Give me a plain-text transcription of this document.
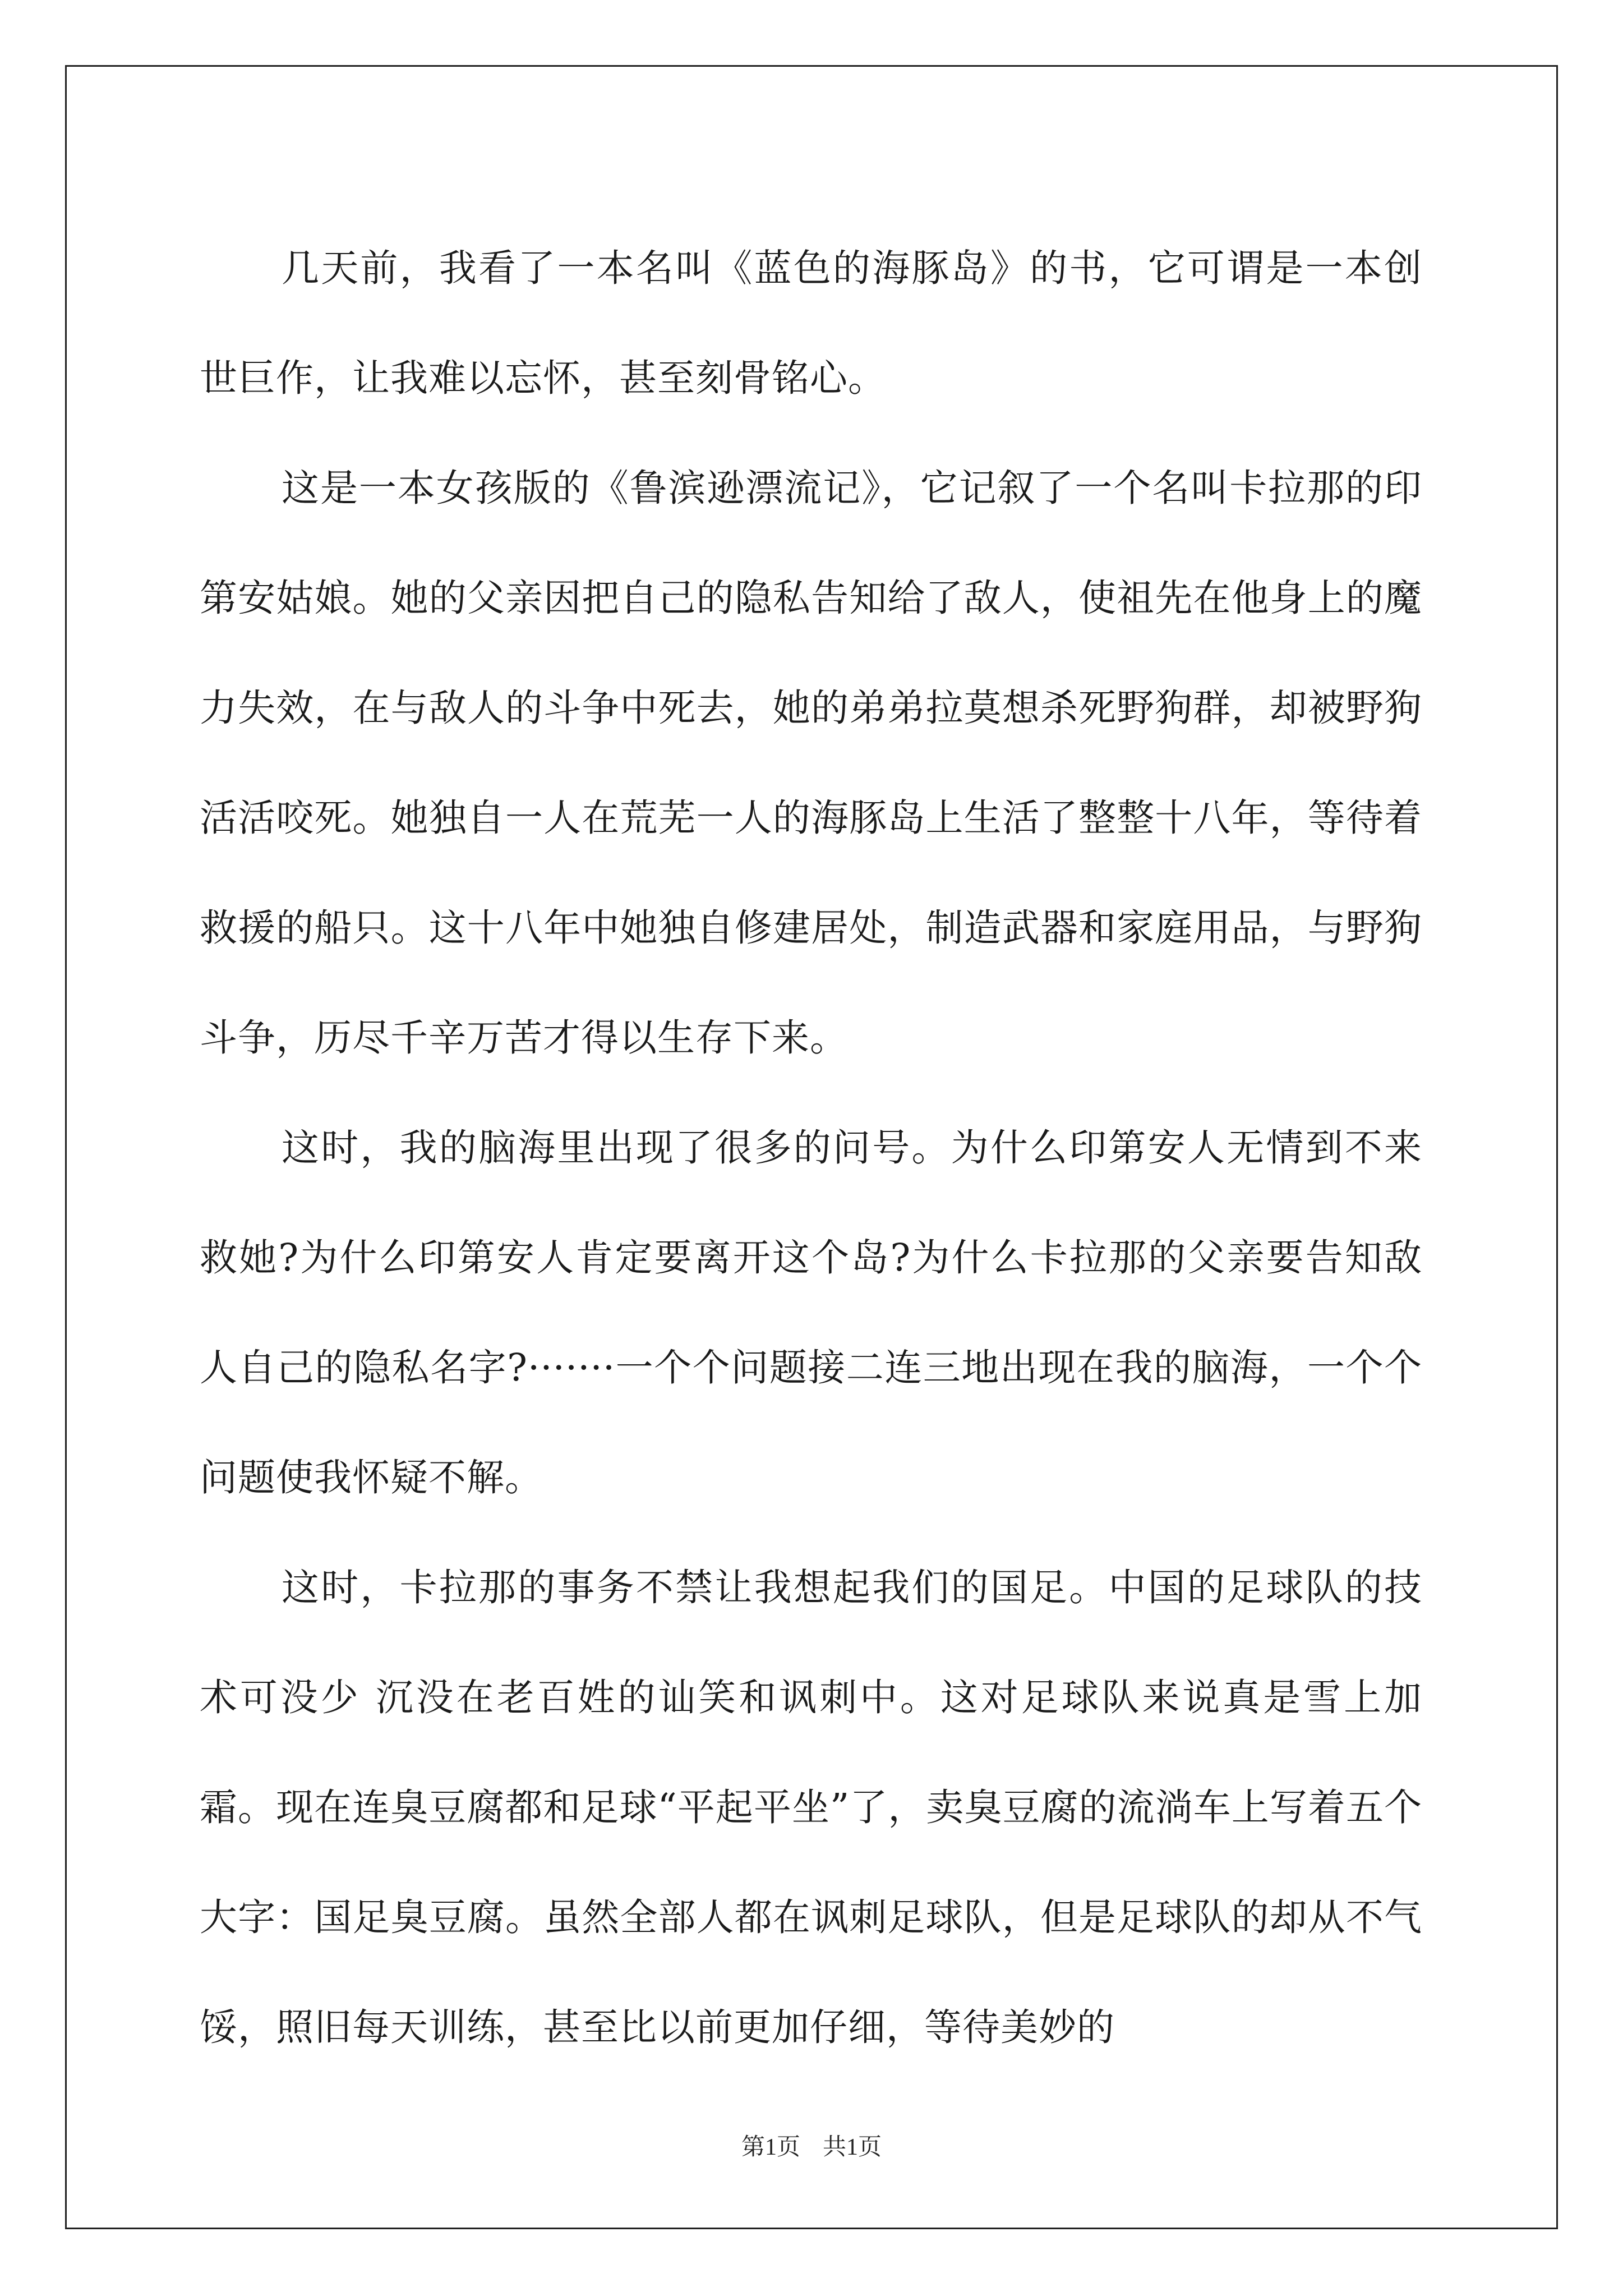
几天前，我看了一本名叫《蓝色的海豚岛》的书，它可谓是一本创世巨作，让我难以忘怀，甚至刻骨铭心。

这是一本女孩版的《鲁滨逊漂流记》，它记叙了一个名叫卡拉那的印第安姑娘。她的父亲因把自己的隐私告知给了敌人，使祖先在他身上的魔力失效，在与敌人的斗争中死去，她的弟弟拉莫想杀死野狗群，却被野狗活活咬死。她独自一人在荒芜一人的海豚岛上生活了整整十八年，等待着救援的船只。这十八年中她独自修建居处，制造武器和家庭用品，与野狗斗争，历尽千辛万苦才得以生存下来。

这时，我的脑海里出现了很多的问号。为什么印第安人无情到不来救她?为什么印第安人肯定要离开这个岛?为什么卡拉那的父亲要告知敌人自己的隐私名字?·······一个个问题接二连三地出现在我的脑海，一个个问题使我怀疑不解。

这时，卡拉那的事务不禁让我想起我们的国足。中国的足球队的技术可没少 沉没在老百姓的讪笑和讽刺中。这对足球队来说真是雪上加霜。现在连臭豆腐都和足球“平起平坐”了，卖臭豆腐的流淌车上写着五个大字：国足臭豆腐。虽然全部人都在讽刺足球队，但是足球队的却从不气馁，照旧每天训练，甚至比以前更加仔细，等待美妙的

第1页 共1页
